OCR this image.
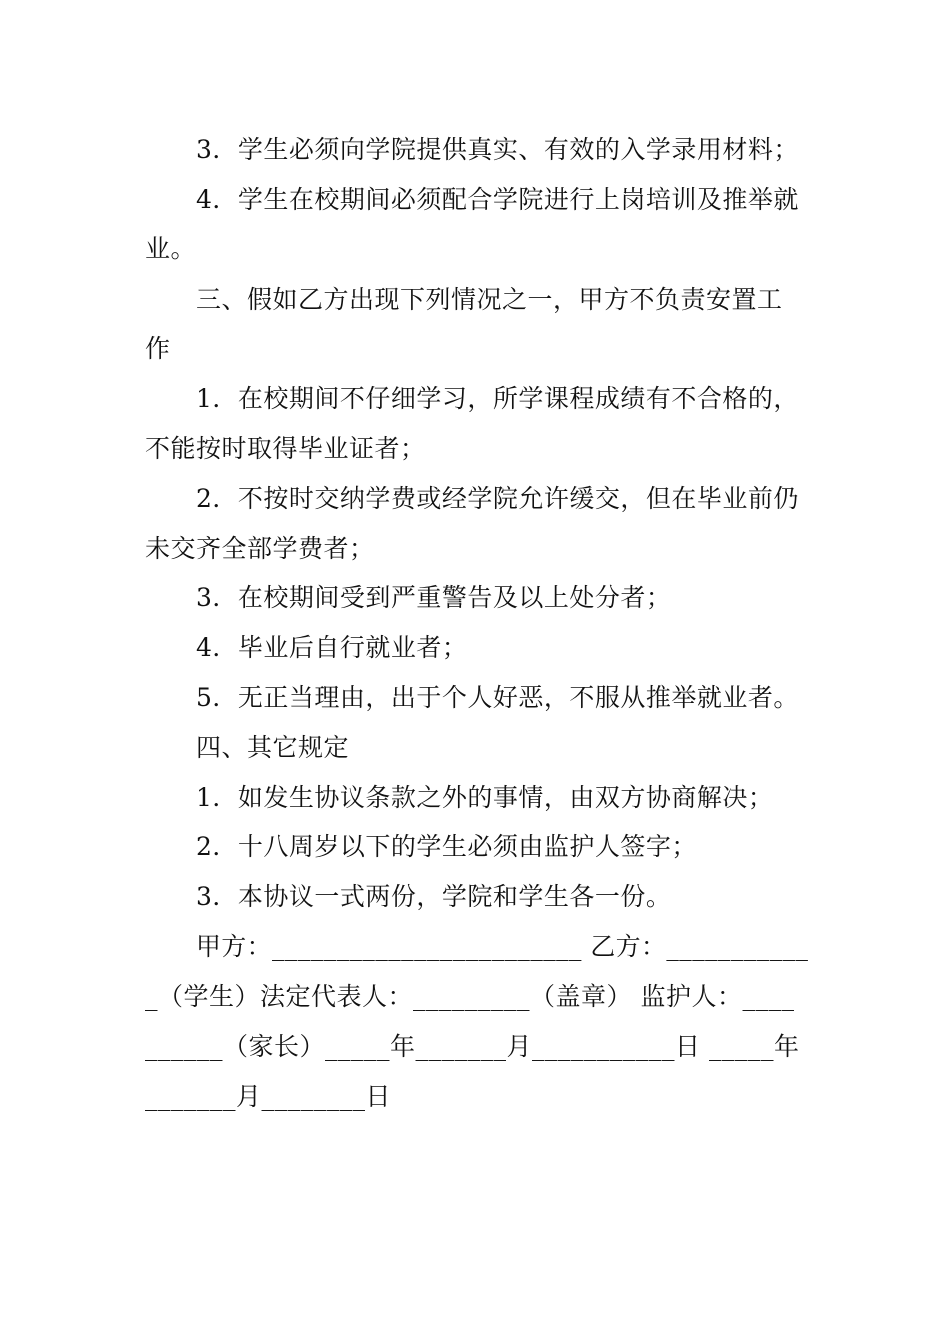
3．学生必须向学院提供真实、有效的入学录用材料；
4．学生在校期间必须配合学院进行上岗培训及推举就
业。
三、假如乙方出现下列情况之一，甲方不负责安置工
作
1．在校期间不仔细学习，所学课程成绩有不合格的，
不能按时取得毕业证者；
2．不按时交纳学费或经学院允许缓交，但在毕业前仍
未交齐全部学费者；
3．在校期间受到严重警告及以上处分者；
4．毕业后自行就业者；
5．无正当理由，出于个人好恶，不服从推举就业者。
四、其它规定
1．如发生协议条款之外的事情，由双方协商解决；
2．十八周岁以下的学生必须由监护人签字；
3．本协议一式两份，学院和学生各一份。
甲方：________________________ 乙方：___________
_（学生）法定代表人：_________（盖章） 监护人：____
______（家长）_____年_______月___________日 _____年
_______月________日
